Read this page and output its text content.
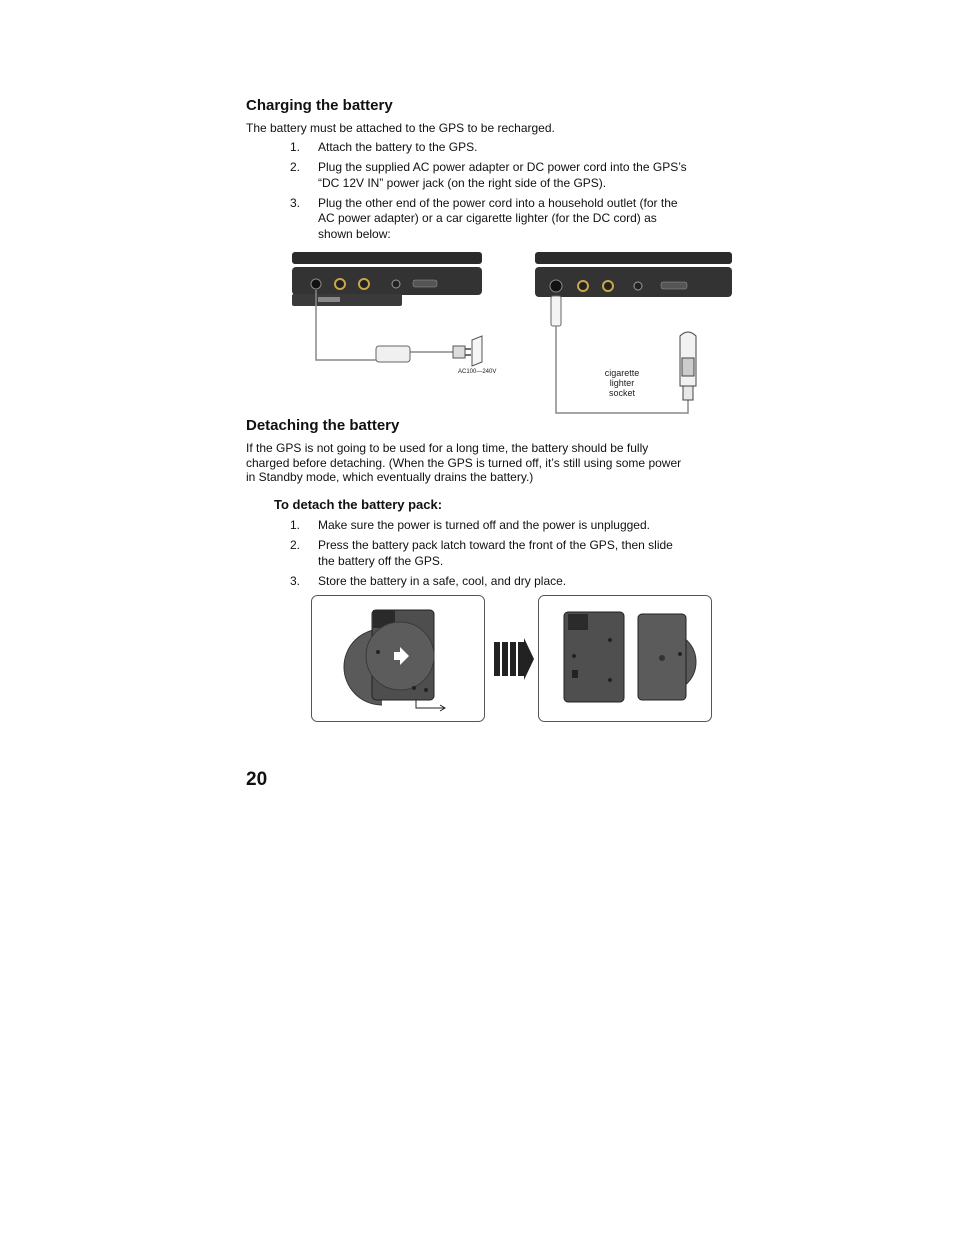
Charging the battery

The battery must be attached to the GPS to be recharged.

1. Attach the battery to the GPS.
2. Plug the supplied AC power adapter or DC power cord into the GPS’s “DC 12V IN” power jack (on the right side of the GPS).
3. Plug the other end of the power cord into a household outlet (for the AC power adapter) or a car cigarette lighter (for the DC cord) as shown below:
AC100—240V	cigarette
lighter
socket
Detaching the battery

If the GPS is not going to be used for a long time, the battery should be fully charged before detaching. (When the GPS is turned off, it’s still using some power in Standby mode, which eventually drains the battery.)

To detach the battery pack:
1. Make sure the power is turned off and the power is unplugged.
2. Press the battery pack latch toward the front of the GPS, then slide the battery off the GPS.
3. Store the battery in a safe, cool, and dry place.
20
